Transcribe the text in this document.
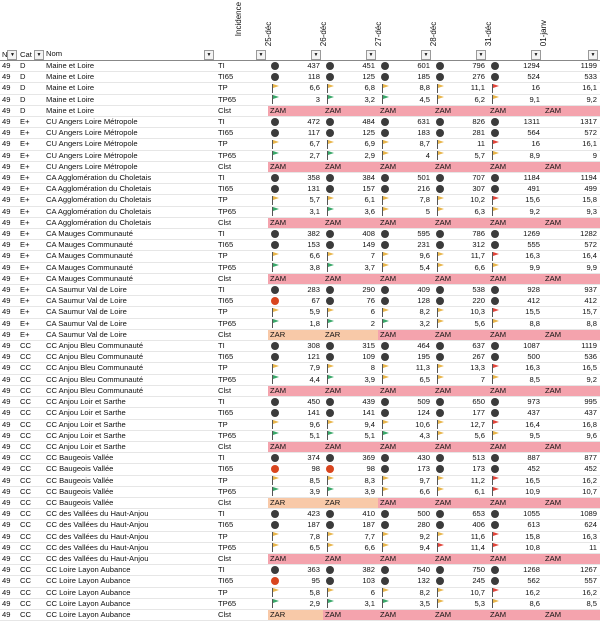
N ▼	Cat ▼	Nom ▼	Incidence
▼	25-déc
▼		26-déc
▼		27-déc
▼		28-déc
▼		31-déc
▼		01-janv
▼	

49	D	Maine et Loire	TI		437		451		601		796		1294		1199
49	D	Maine et Loire	TI65		118		125		185		276		524		533
49	D	Maine et Loire	TP		6,6		6,8		8,8		11,1		16		16,1
49	D	Maine et Loire	TP65		3		3,2		4,5		6,2		9,1		9,2
49	D	Maine et Loire	Clst	ZAM		ZAM		ZAM		ZAM		ZAM		ZAM	
49	E+	CU Angers Loire Métropole	TI		472		484		631		826		1311		1317
49	E+	CU Angers Loire Métropole	TI65		117		125		183		281		564		572
49	E+	CU Angers Loire Métropole	TP		6,7		6,9		8,7		11		16		16,1
49	E+	CU Angers Loire Métropole	TP65		2,7		2,9		4		5,7		8,9		9
49	E+	CU Angers Loire Métropole	Clst	ZAM		ZAM		ZAM		ZAM		ZAM		ZAM	
49	E+	CA Agglomération du Choletais	TI		358		384		501		707		1184		1194
49	E+	CA Agglomération du Choletais	TI65		131		157		216		307		491		499
49	E+	CA Agglomération du Choletais	TP		5,7		6,1		7,8		10,2		15,6		15,8
49	E+	CA Agglomération du Choletais	TP65		3,1		3,6		5		6,3		9,2		9,3
49	E+	CA Agglomération du Choletais	Clst	ZAM		ZAM		ZAM		ZAM		ZAM		ZAM	
49	E+	CA Mauges Communauté	TI		382		408		595		786		1269		1282
49	E+	CA Mauges Communauté	TI65		153		149		231		312		555		572
49	E+	CA Mauges Communauté	TP		6,6		7		9,6		11,7		16,3		16,4
49	E+	CA Mauges Communauté	TP65		3,8		3,7		5,4		6,6		9,9		9,9
49	E+	CA Mauges Communauté	Clst	ZAM		ZAM		ZAM		ZAM		ZAM		ZAM	
49	E+	CA Saumur Val de Loire	TI		283		290		409		538		928		937
49	E+	CA Saumur Val de Loire	TI65		67		76		128		220		412		412
49	E+	CA Saumur Val de Loire	TP		5,9		6		8,2		10,3		15,5		15,7
49	E+	CA Saumur Val de Loire	TP65		1,8		2		3,2		5,6		8,8		8,8
49	E+	CA Saumur Val de Loire	Clst	ZAR		ZAR		ZAM		ZAM		ZAM		ZAM	
49	CC	CC Anjou Bleu Communauté	TI		308		315		464		637		1087		1119
49	CC	CC Anjou Bleu Communauté	TI65		121		109		195		267		500		536
49	CC	CC Anjou Bleu Communauté	TP		7,9		8		11,3		13,3		16,3		16,5
49	CC	CC Anjou Bleu Communauté	TP65		4,4		3,9		6,5		7		8,5		9,2
49	CC	CC Anjou Bleu Communauté	Clst	ZAM		ZAM		ZAM		ZAM		ZAM		ZAM	
49	CC	CC Anjou Loir et Sarthe	TI		450		439		509		650		973		995
49	CC	CC Anjou Loir et Sarthe	TI65		141		141		124		177		437		437
49	CC	CC Anjou Loir et Sarthe	TP		9,6		9,4		10,6		12,7		16,4		16,8
49	CC	CC Anjou Loir et Sarthe	TP65		5,1		5,1		4,3		5,6		9,5		9,6
49	CC	CC Anjou Loir et Sarthe	Clst	ZAM		ZAM		ZAM		ZAM		ZAM		ZAM	
49	CC	CC Baugeois Vallée	TI		374		369		430		513		887		877
49	CC	CC Baugeois Vallée	TI65		98		98		173		173		452		452
49	CC	CC Baugeois Vallée	TP		8,5		8,3		9,7		11,2		16,5		16,2
49	CC	CC Baugeois Vallée	TP65		3,9		3,9		6,6		6,1		10,9		10,7
49	CC	CC Baugeois Vallée	Clst	ZAR		ZAR		ZAM		ZAM		ZAM		ZAM	
49	CC	CC des Vallées du Haut-Anjou	TI		423		410		500		653		1055		1089
49	CC	CC des Vallées du Haut-Anjou	TI65		187		187		280		406		613		624
49	CC	CC des Vallées du Haut-Anjou	TP		7,8		7,7		9,2		11,6		15,8		16,3
49	CC	CC des Vallées du Haut-Anjou	TP65		6,5		6,6		9,4		11,4		10,8		11
49	CC	CC des Vallées du Haut-Anjou	Clst	ZAM		ZAM		ZAM		ZAM		ZAM		ZAM	
49	CC	CC Loire Layon Aubance	TI		363		382		540		750		1268		1267
49	CC	CC Loire Layon Aubance	TI65		95		103		132		245		562		557
49	CC	CC Loire Layon Aubance	TP		5,8		6		8,2		10,7		16,2		16,2
49	CC	CC Loire Layon Aubance	TP65		2,9		3,1		3,5		5,3		8,6		8,5
49	CC	CC Loire Layon Aubance	Clst	ZAR		ZAM		ZAM		ZAM		ZAM		ZAM	
